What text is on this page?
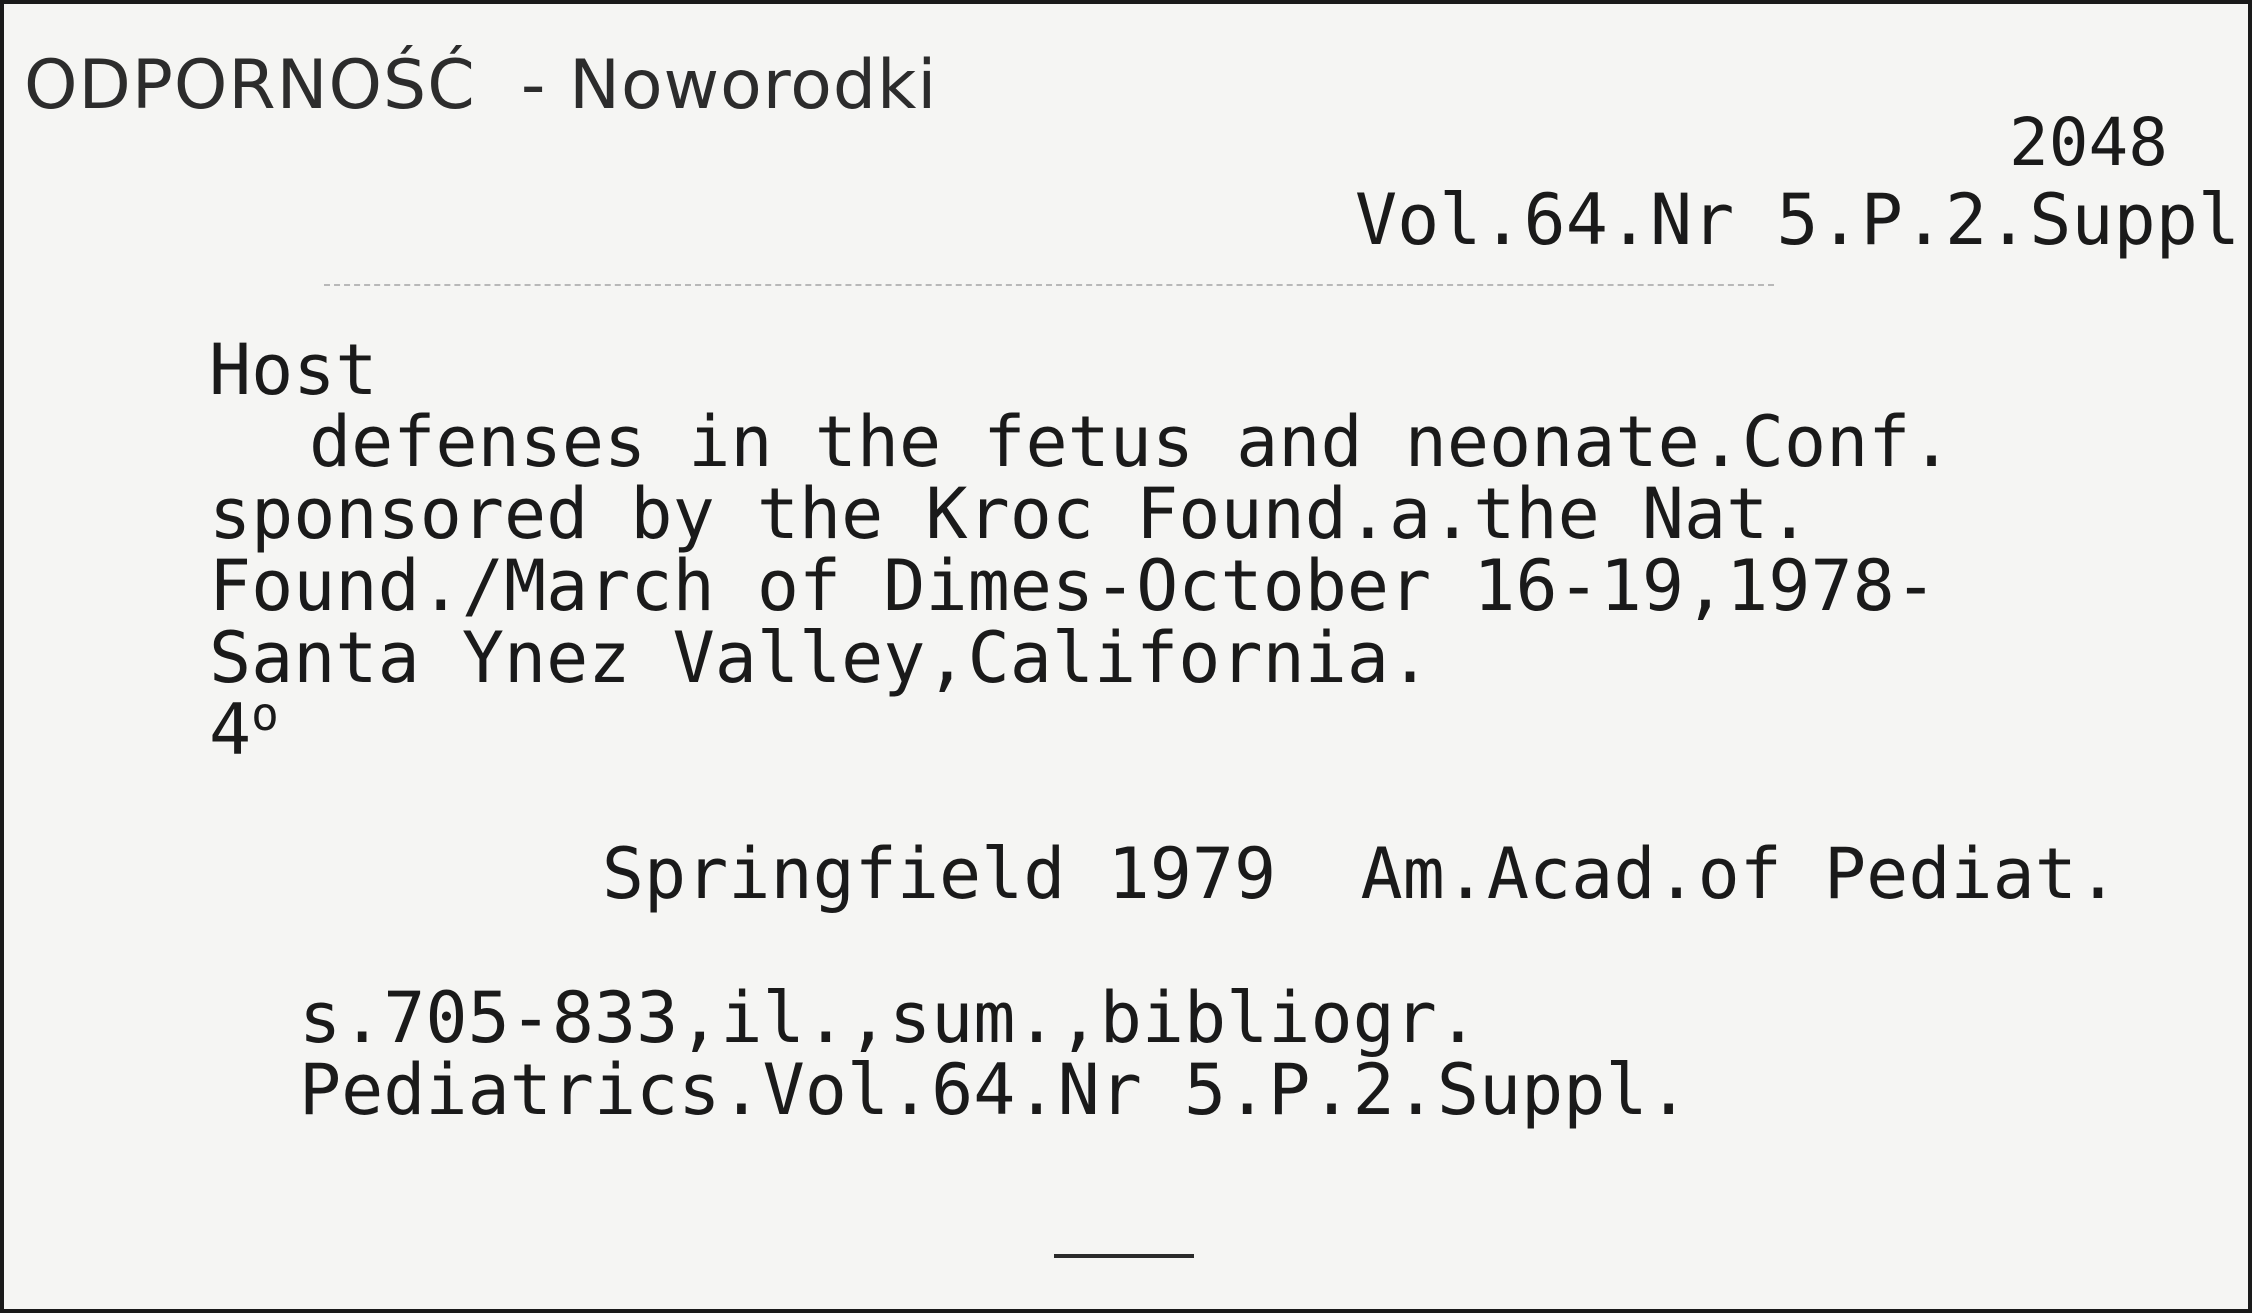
ODPORNOŚĆ  - Noworodki
2048
Vol.64.Nr 5.P.2.Suppl
Host
defenses in the fetus and neonate.Conf.
sponsored by the Kroc Found.a.the Nat.
Found./March of Dimes-October 16-19,1978-
Santa Ynez Valley,California.

4$^o$

Springfield 1979  Am.Acad.of Pediat.

s.705-833,il.,sum.,bibliogr.
Pediatrics.Vol.64.Nr 5.P.2.Suppl.
